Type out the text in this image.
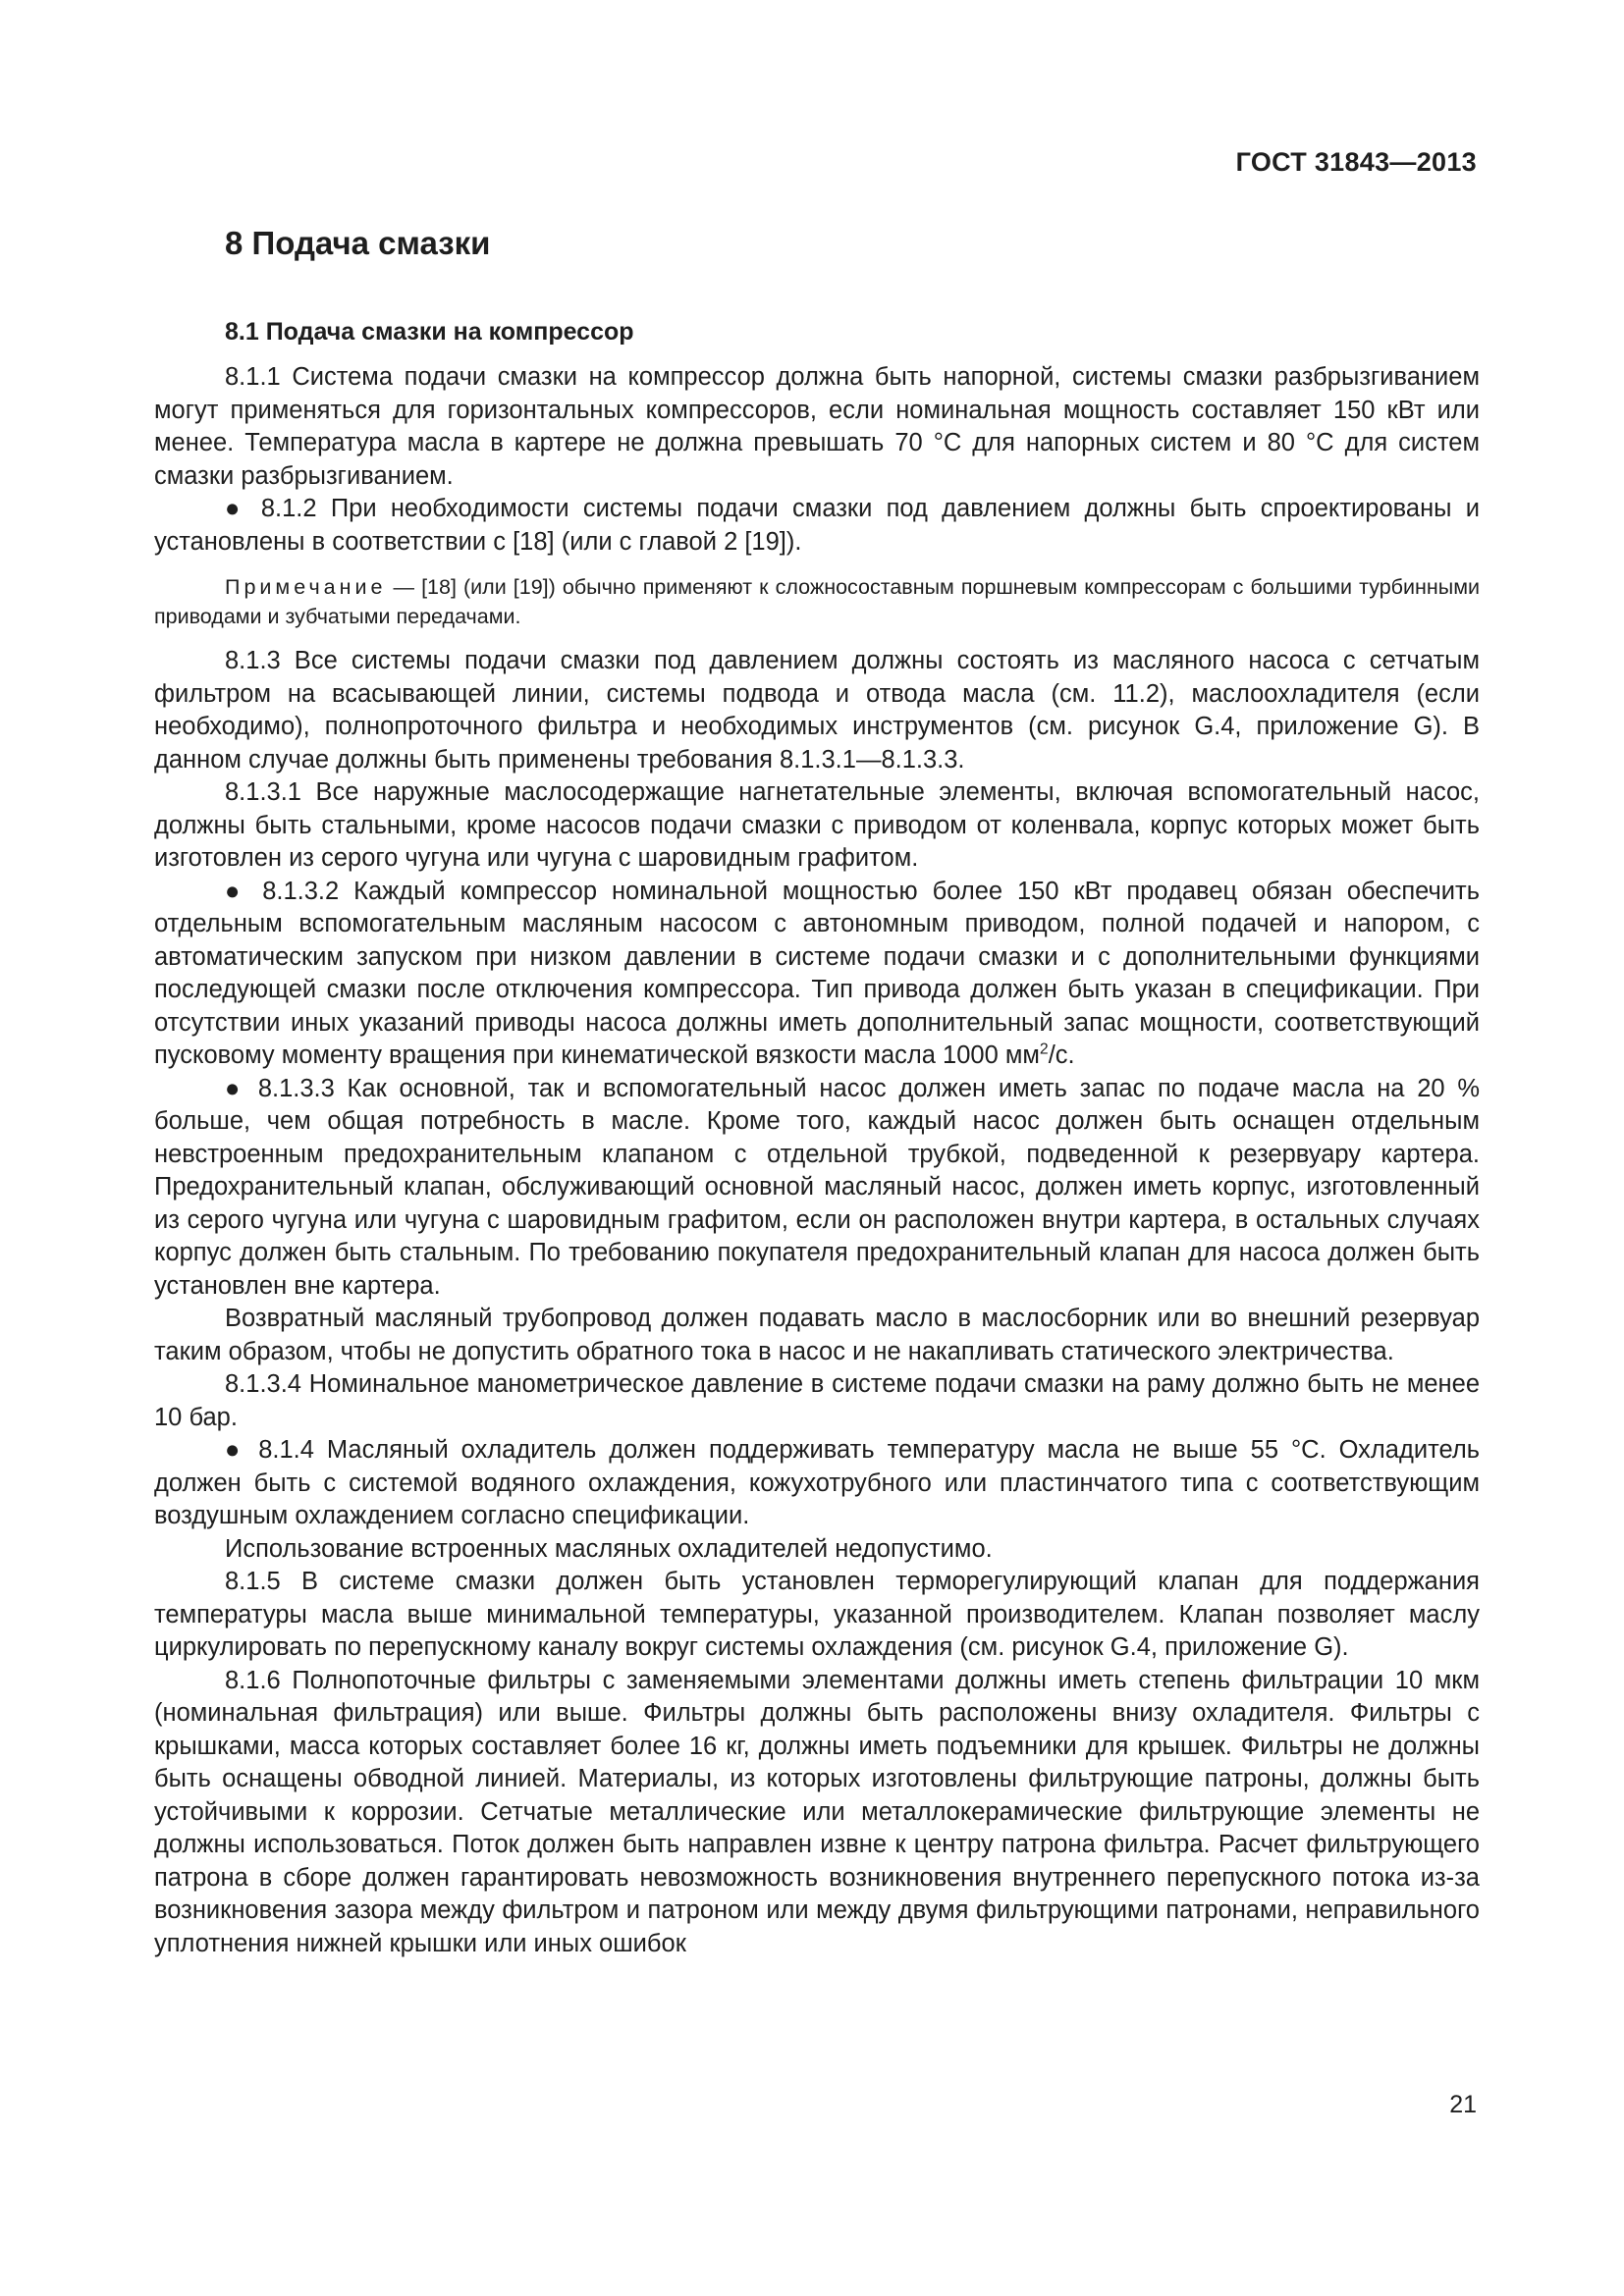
ГОСТ 31843—2013
8 Подача смазки
8.1 Подача смазки на компрессор

8.1.1 Система подачи смазки на компрессор должна быть напорной, системы смазки разбрызгиванием могут применяться для горизонтальных компрессоров, если номинальная мощность составляет 150 кВт или менее. Температура масла в картере не должна превышать 70 °C для напорных систем и 80 °C для систем смазки разбрызгиванием.

● 8.1.2 При необходимости системы подачи смазки под давлением должны быть спроектированы и установлены в соответствии с [18] (или с главой 2 [19]).

Примечание — [18] (или [19]) обычно применяют к сложносоставным поршневым компрессорам с большими турбинными приводами и зубчатыми передачами.

8.1.3 Все системы подачи смазки под давлением должны состоять из масляного насоса с сетчатым фильтром на всасывающей линии, системы подвода и отвода масла (см. 11.2), маслоохладителя (если необходимо), полнопроточного фильтра и необходимых инструментов (см. рисунок G.4, приложение G). В данном случае должны быть применены требования 8.1.3.1—8.1.3.3.

8.1.3.1 Все наружные маслосодержащие нагнетательные элементы, включая вспомогательный насос, должны быть стальными, кроме насосов подачи смазки с приводом от коленвала, корпус которых может быть изготовлен из серого чугуна или чугуна с шаровидным графитом.

● 8.1.3.2 Каждый компрессор номинальной мощностью более 150 кВт продавец обязан обеспечить отдельным вспомогательным масляным насосом с автономным приводом, полной подачей и напором, с автоматическим запуском при низком давлении в системе подачи смазки и с дополнительными функциями последующей смазки после отключения компрессора. Тип привода должен быть указан в спецификации. При отсутствии иных указаний приводы насоса должны иметь дополнительный запас мощности, соответствующий пусковому моменту вращения при кинематической вязкости масла 1000 $мм^2/с$.

● 8.1.3.3 Как основной, так и вспомогательный насос должен иметь запас по подаче масла на 20 % больше, чем общая потребность в масле. Кроме того, каждый насос должен быть оснащен отдельным невстроенным предохранительным клапаном с отдельной трубкой, подведенной к резервуару картера. Предохранительный клапан, обслуживающий основной масляный насос, должен иметь корпус, изготовленный из серого чугуна или чугуна с шаровидным графитом, если он расположен внутри картера, в остальных случаях корпус должен быть стальным. По требованию покупателя предохранительный клапан для насоса должен быть установлен вне картера.

Возвратный масляный трубопровод должен подавать масло в маслосборник или во внешний резервуар таким образом, чтобы не допустить обратного тока в насос и не накапливать статического электричества.

8.1.3.4 Номинальное манометрическое давление в системе подачи смазки на раму должно быть не менее 10 бар.

● 8.1.4 Масляный охладитель должен поддерживать температуру масла не выше 55 °C. Охладитель должен быть с системой водяного охлаждения, кожухотрубного или пластинчатого типа с соответствующим воздушным охлаждением согласно спецификации.

Использование встроенных масляных охладителей недопустимо.

8.1.5 В системе смазки должен быть установлен терморегулирующий клапан для поддержания температуры масла выше минимальной температуры, указанной производителем. Клапан позволяет маслу циркулировать по перепускному каналу вокруг системы охлаждения (см. рисунок G.4, приложение G).

8.1.6 Полнопоточные фильтры с заменяемыми элементами должны иметь степень фильтрации 10 мкм (номинальная фильтрация) или выше. Фильтры должны быть расположены внизу охладителя. Фильтры с крышками, масса которых составляет более 16 кг, должны иметь подъемники для крышек. Фильтры не должны быть оснащены обводной линией. Материалы, из которых изготовлены фильтрующие патроны, должны быть устойчивыми к коррозии. Сетчатые металлические или металлокерамические фильтрующие элементы не должны использоваться. Поток должен быть направлен извне к центру патрона фильтра. Расчет фильтрующего патрона в сборе должен гарантировать невозможность возникновения внутреннего перепускного потока из-за возникновения зазора между фильтром и патроном или между двумя фильтрующими патронами, неправильного уплотнения нижней крышки или иных ошибок

21
